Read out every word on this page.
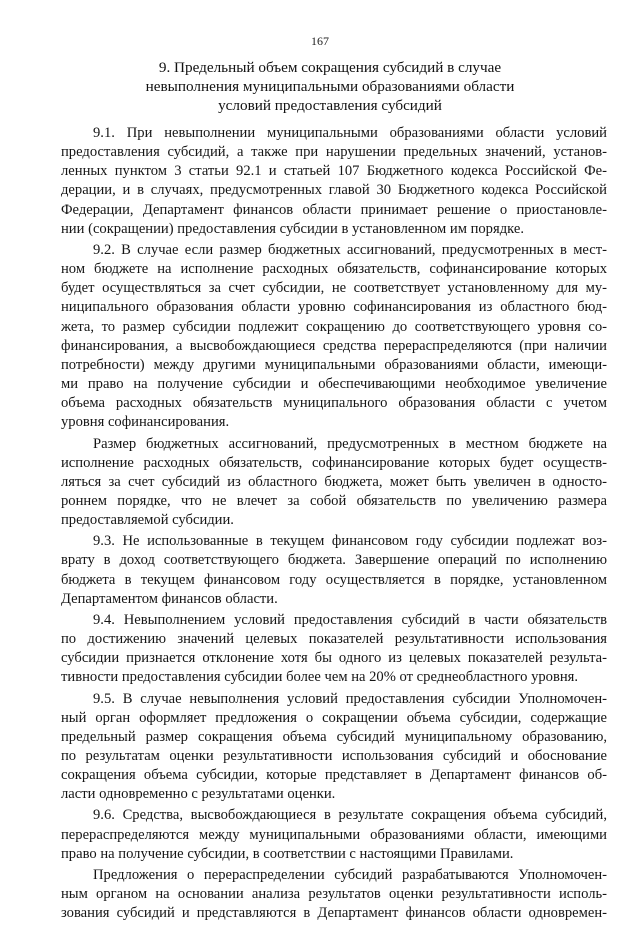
167
9. Предельный объем сокращения субсидий в случае
невыполнения муниципальными образованиями области
условий предоставления субсидий
9.1. При невыполнении муниципальными образованиями области условий
предоставления субсидий, а также при нарушении предельных значений, установ-
ленных пунктом 3 статьи 92.1 и статьей 107 Бюджетного кодекса Российской Фе-
дерации, и в случаях, предусмотренных главой 30 Бюджетного кодекса Российской
Федерации, Департамент финансов области принимает решение о приостановле-
нии (сокращении) предоставления субсидии в установленном им порядке.
9.2. В случае если размер бюджетных ассигнований, предусмотренных в мест-
ном бюджете на исполнение расходных обязательств, софинансирование которых
будет осуществляться за счет субсидии, не соответствует установленному для му-
ниципального образования области уровню софинансирования из областного бюд-
жета, то размер субсидии подлежит сокращению до соответствующего уровня со-
финансирования, а высвобождающиеся средства перераспределяются (при наличии
потребности) между другими муниципальными образованиями области, имеющи-
ми право на получение субсидии и обеспечивающими необходимое увеличение
объема расходных обязательств муниципального образования области с учетом
уровня софинансирования.
Размер бюджетных ассигнований, предусмотренных в местном бюджете на
исполнение расходных обязательств, софинансирование которых будет осуществ-
ляться за счет субсидий из областного бюджета, может быть увеличен в односто-
роннем порядке, что не влечет за собой обязательств по увеличению размера
предоставляемой субсидии.
9.3. Не использованные в текущем финансовом году субсидии подлежат воз-
врату в доход соответствующего бюджета. Завершение операций по исполнению
бюджета в текущем финансовом году осуществляется в порядке, установленном
Департаментом финансов области.
9.4. Невыполнением условий предоставления субсидий в части обязательств
по достижению значений целевых показателей результативности использования
субсидии признается отклонение хотя бы одного из целевых показателей результа-
тивности предоставления субсидии более чем на 20% от среднеобластного уровня.
9.5. В случае невыполнения условий предоставления субсидии Уполномочен-
ный орган оформляет предложения о сокращении объема субсидии, содержащие
предельный размер сокращения объема субсидий муниципальному образованию,
по результатам оценки результативности использования субсидий и обоснование
сокращения объема субсидии, которые представляет в Департамент финансов об-
ласти одновременно с результатами оценки.
9.6. Средства, высвобождающиеся в результате сокращения объема субсидий,
перераспределяются между муниципальными образованиями области, имеющими
право на получение субсидии, в соответствии с настоящими Правилами.
Предложения о перераспределении субсидий разрабатываются Уполномочен-
ным органом на основании анализа результатов оценки результативности исполь-
зования субсидий и представляются в Департамент финансов области одновремен-
